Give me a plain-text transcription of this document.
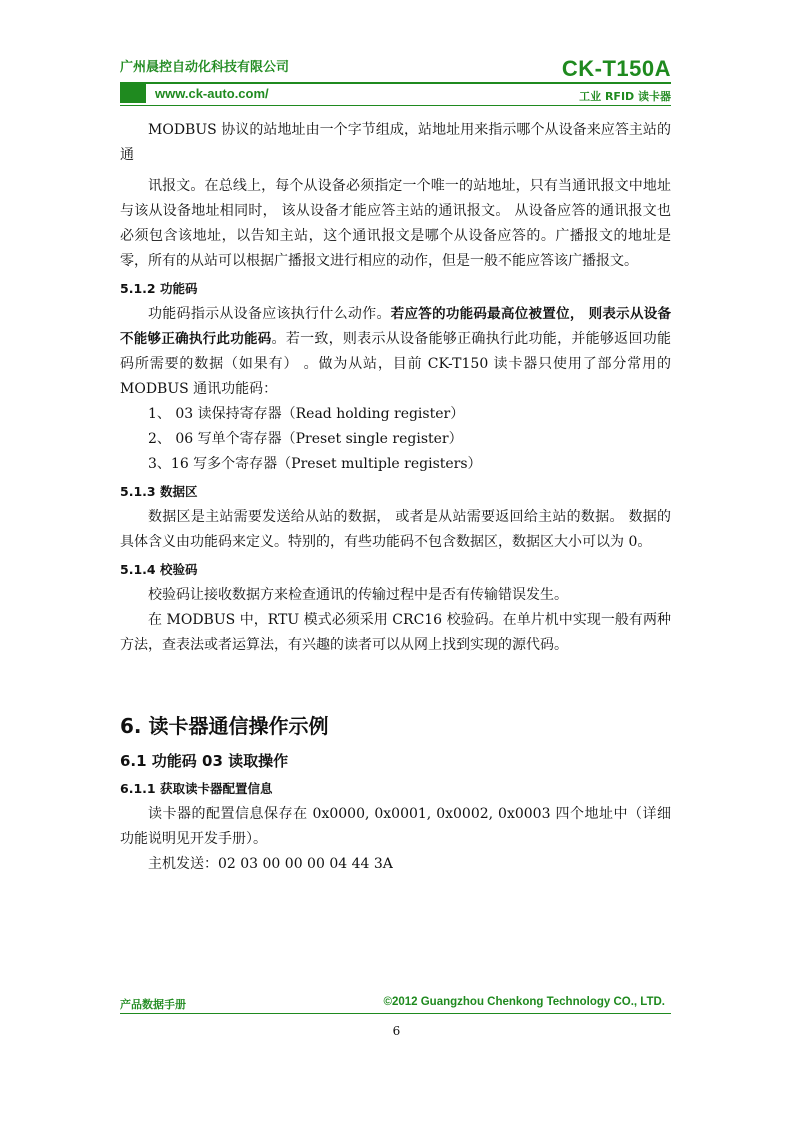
广州晨控自动化科技有限公司	CK-T150A
www.ck-auto.com/	工业 RFID 读卡器

MODBUS 协议的站地址由一个字节组成，站地址用来指示哪个从设备来应答主站的通

讯报文。在总线上，每个从设备必须指定一个唯一的站地址，只有当通讯报文中地址与该从设备地址相同时， 该从设备才能应答主站的通讯报文。 从设备应答的通讯报文也必须包含该地址，以告知主站，这个通讯报文是哪个从设备应答的。广播报文的地址是零，所有的从站可以根据广播报文进行相应的动作，但是一般不能应答该广播报文。

5.1.2 功能码

功能码指示从设备应该执行什么动作。若应答的功能码最高位被置位， 则表示从设备不能够正确执行此功能码。若一致，则表示从设备能够正确执行此功能，并能够返回功能码所需要的数据（如果有） 。做为从站，目前 CK-T150 读卡器只使用了部分常用的 MODBUS 通讯功能码：

1、 03 读保持寄存器（Read holding register）
2、 06 写单个寄存器（Preset single register）
3、16 写多个寄存器（Preset multiple registers）
5.1.3 数据区

数据区是主站需要发送给从站的数据， 或者是从站需要返回给主站的数据。 数据的具体含义由功能码来定义。特别的，有些功能码不包含数据区，数据区大小可以为 0。

5.1.4 校验码

校验码让接收数据方来检查通讯的传输过程中是否有传输错误发生。

在 MODBUS 中，RTU 模式必须采用 CRC16 校验码。在单片机中实现一般有两种方法，查表法或者运算法，有兴趣的读者可以从网上找到实现的源代码。

6. 读卡器通信操作示例
6.1 功能码 03 读取操作
6.1.1 获取读卡器配置信息

读卡器的配置信息保存在 0x0000, 0x0001, 0x0002, 0x0003 四个地址中（详细功能说明见开发手册）。

主机发送：02 03 00 00 00 04 44 3A

产品数据手册	©2012 Guangzhou Chenkong Technology CO., LTD.
6
